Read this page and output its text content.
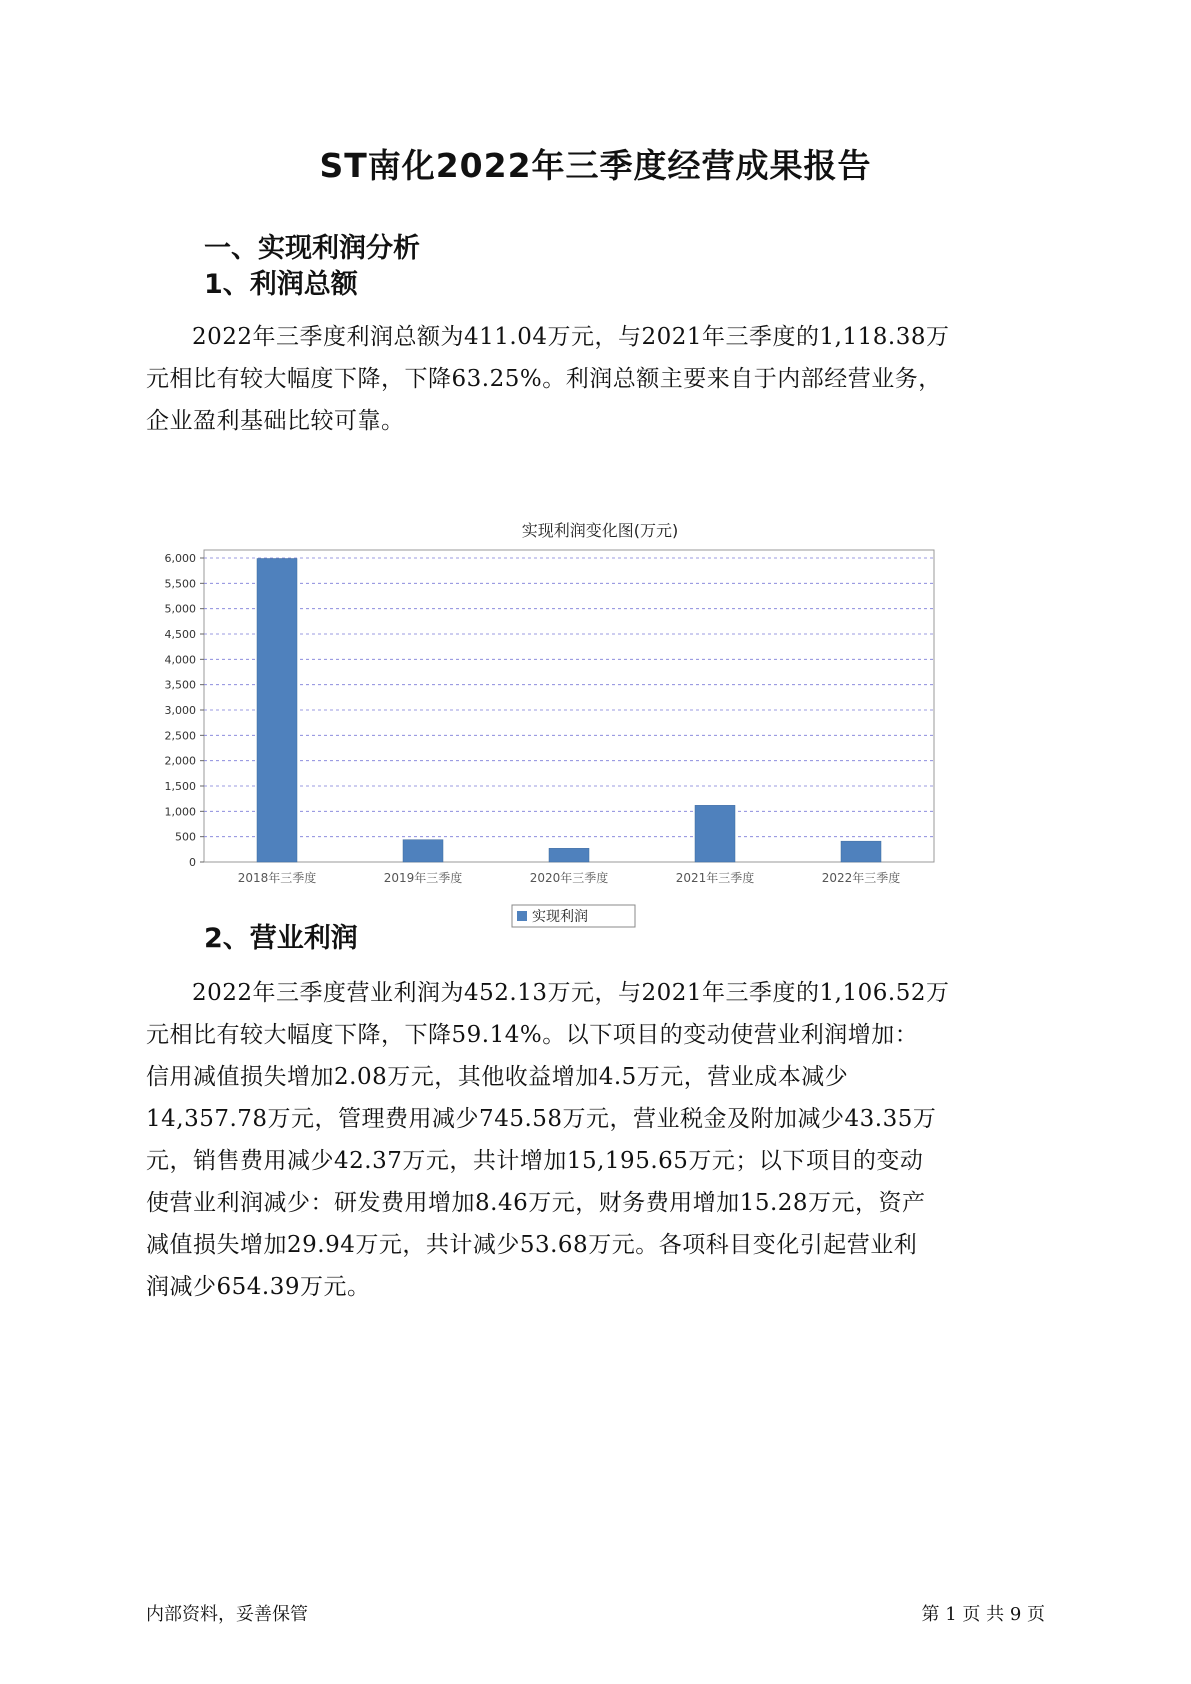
ST南化2022年三季度经营成果报告
一、实现利润分析
1、利润总额
2022年三季度利润总额为411.04万元，与2021年三季度的1,118.38万
元相比有较大幅度下降，下降63.25%。利润总额主要来自于内部经营业务，
企业盈利基础比较可靠。
实现利润变化图(万元)
0
500
1,000
1,500
2,000
2,500
3,000
3,500
4,000
4,500
5,000
5,500
6,000
2018年三季度	2019年三季度	2020年三季度	2021年三季度	2022年三季度
实现利润
2、营业利润
2022年三季度营业利润为452.13万元，与2021年三季度的1,106.52万
元相比有较大幅度下降，下降59.14%。以下项目的变动使营业利润增加：
信用减值损失增加2.08万元，其他收益增加4.5万元，营业成本减少
14,357.78万元，管理费用减少745.58万元，营业税金及附加减少43.35万
元，销售费用减少42.37万元，共计增加15,195.65万元；以下项目的变动
使营业利润减少：研发费用增加8.46万元，财务费用增加15.28万元，资产
减值损失增加29.94万元，共计减少53.68万元。各项科目变化引起营业利
润减少654.39万元。
内部资料，妥善保管	第 1 页 共 9 页
